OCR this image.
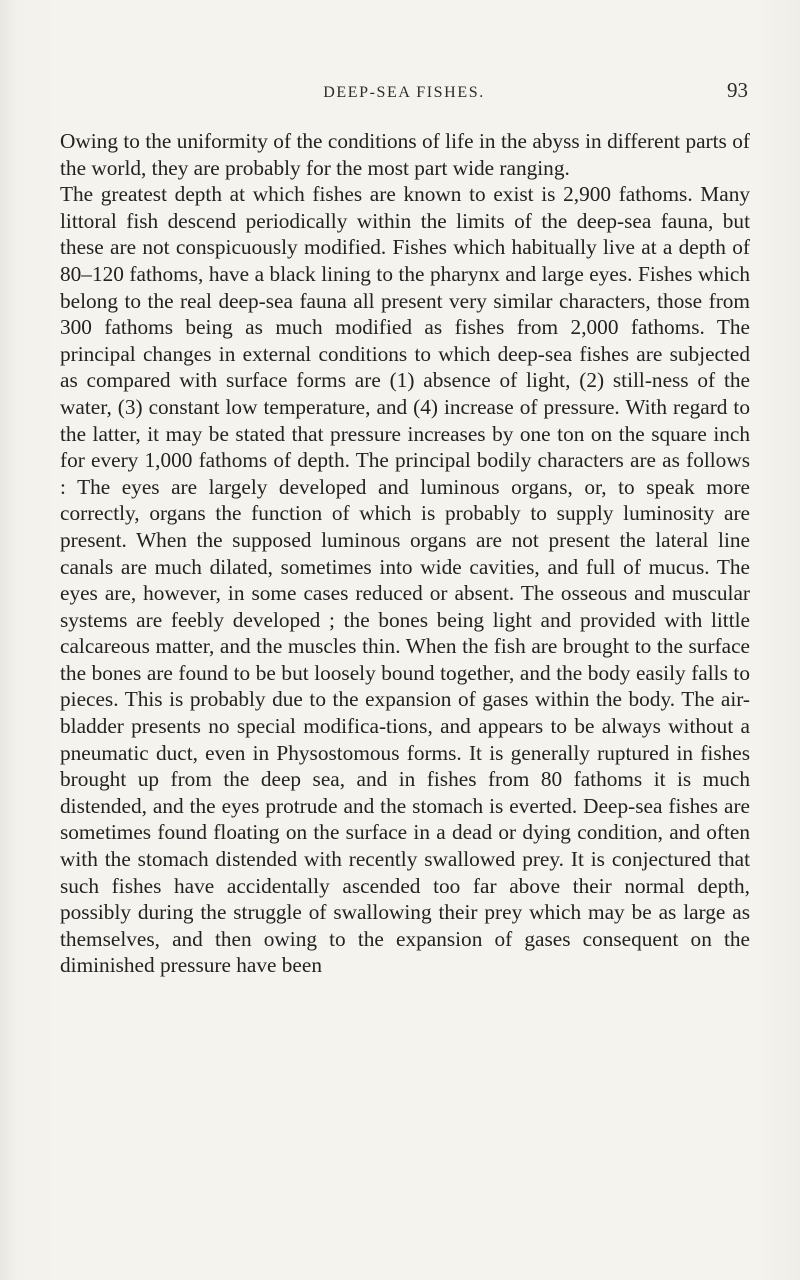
DEEP-SEA FISHES.	93

Owing to the uniformity of the conditions of life in the abyss in different parts of the world, they are probably for the most part wide ranging.

The greatest depth at which fishes are known to exist is 2,900 fathoms. Many littoral fish descend periodically within the limits of the deep-sea fauna, but these are not conspicuously modified. Fishes which habitually live at a depth of 80–120 fathoms, have a black lining to the pharynx and large eyes. Fishes which belong to the real deep-sea fauna all present very similar characters, those from 300 fathoms being as much modified as fishes from 2,000 fathoms. The principal changes in external conditions to which deep-sea fishes are subjected as compared with surface forms are (1) absence of light, (2) still-ness of the water, (3) constant low temperature, and (4) increase of pressure. With regard to the latter, it may be stated that pressure increases by one ton on the square inch for every 1,000 fathoms of depth. The principal bodily characters are as follows : The eyes are largely developed and luminous organs, or, to speak more correctly, organs the function of which is probably to supply luminosity are present. When the supposed luminous organs are not present the lateral line canals are much dilated, sometimes into wide cavities, and full of mucus. The eyes are, however, in some cases reduced or absent. The osseous and muscular systems are feebly developed ; the bones being light and provided with little calcareous matter, and the muscles thin. When the fish are brought to the surface the bones are found to be but loosely bound together, and the body easily falls to pieces. This is probably due to the expansion of gases within the body. The air-bladder presents no special modifica-tions, and appears to be always without a pneumatic duct, even in Physostomous forms. It is generally ruptured in fishes brought up from the deep sea, and in fishes from 80 fathoms it is much distended, and the eyes protrude and the stomach is everted. Deep-sea fishes are sometimes found floating on the surface in a dead or dying condition, and often with the stomach distended with recently swallowed prey. It is conjectured that such fishes have accidentally ascended too far above their normal depth, possibly during the struggle of swallowing their prey which may be as large as themselves, and then owing to the expansion of gases consequent on the diminished pressure have been
